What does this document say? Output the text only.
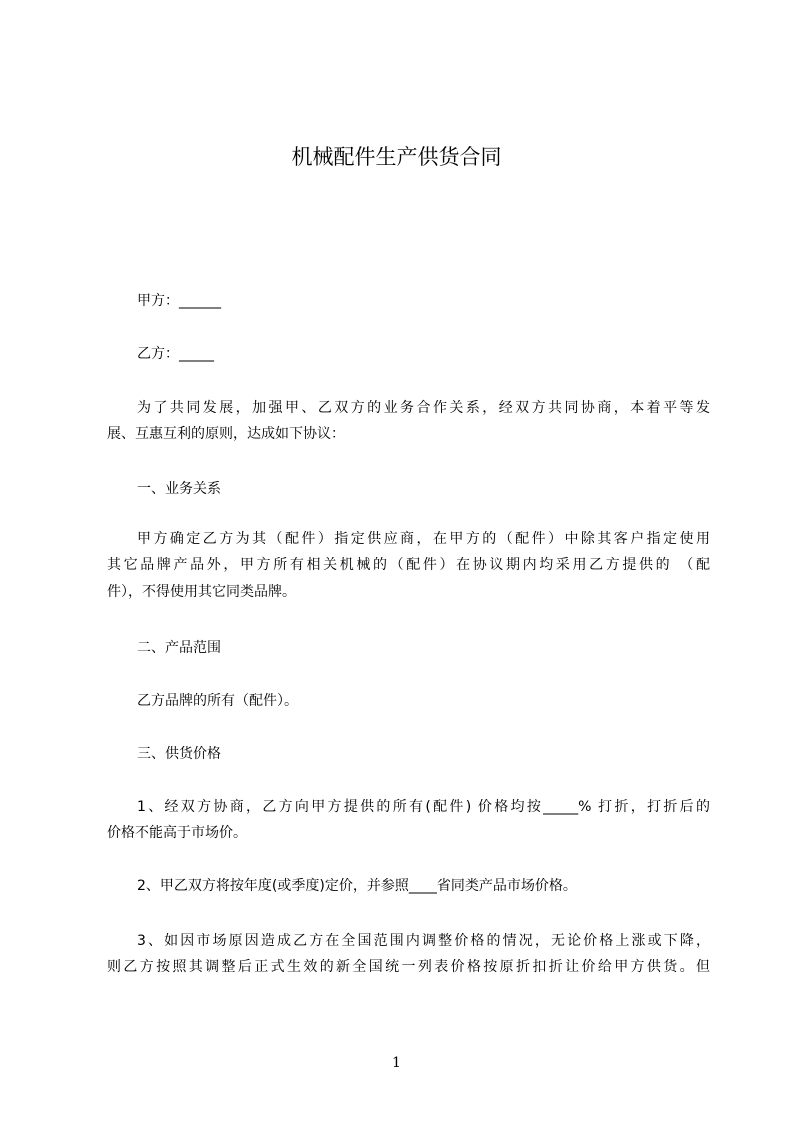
机械配件生产供货合同
甲方：______
乙方：_____
为了共同发展，加强甲、乙双方的业务合作关系，经双方共同协商，本着平等发
展、互惠互利的原则，达成如下协议：
一、业务关系
甲方确定乙方为其（配件）指定供应商，在甲方的（配件）中除其客户指定使用
其它品牌产品外，甲方所有相关机械的（配件）在协议期内均采用乙方提供的 （配
件），不得使用其它同类品牌。
二、产品范围
乙方品牌的所有（配件）。
三、供货价格
1、经双方协商，乙方向甲方提供的所有(配件) 价格均按_____% 打折，打折后的
价格不能高于市场价。
2、甲乙双方将按年度(或季度)定价，并参照____省同类产品市场价格。
3、如因市场原因造成乙方在全国范围内调整价格的情况，无论价格上涨或下降，
则乙方按照其调整后正式生效的新全国统一列表价格按原折扣折让价给甲方供货。但
1
